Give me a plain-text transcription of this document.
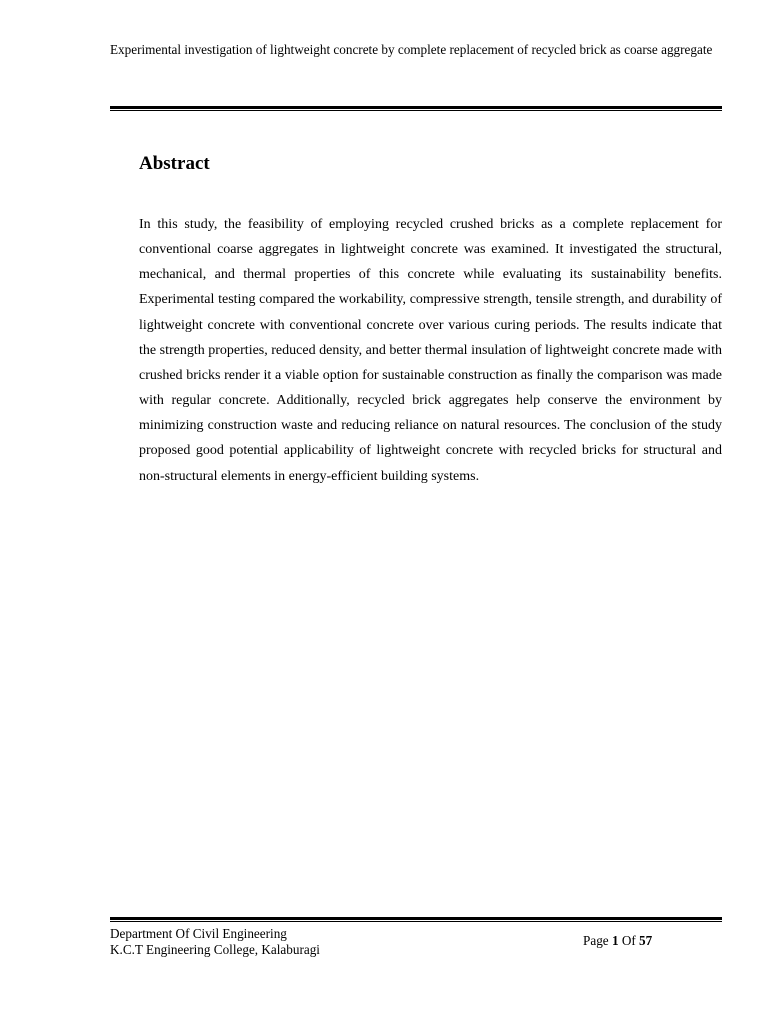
Experimental investigation of lightweight concrete by complete replacement of recycled brick as coarse aggregate
Abstract

In this study, the feasibility of employing recycled crushed bricks as a complete replacement for conventional coarse aggregates in lightweight concrete was examined. It investigated the structural, mechanical, and thermal properties of this concrete while evaluating its sustainability benefits. Experimental testing compared the workability, compressive strength, tensile strength, and durability of lightweight concrete with conventional concrete over various curing periods. The results indicate that the strength properties, reduced density, and better thermal insulation of lightweight concrete made with crushed bricks render it a viable option for sustainable construction as finally the comparison was made with regular concrete. Additionally, recycled brick aggregates help conserve the environment by minimizing construction waste and reducing reliance on natural resources. The conclusion of the study proposed good potential applicability of lightweight concrete with recycled bricks for structural and non-structural elements in energy-efficient building systems.

Department Of Civil Engineering
K.C.T Engineering College, Kalaburagi
Page 1 Of 57
